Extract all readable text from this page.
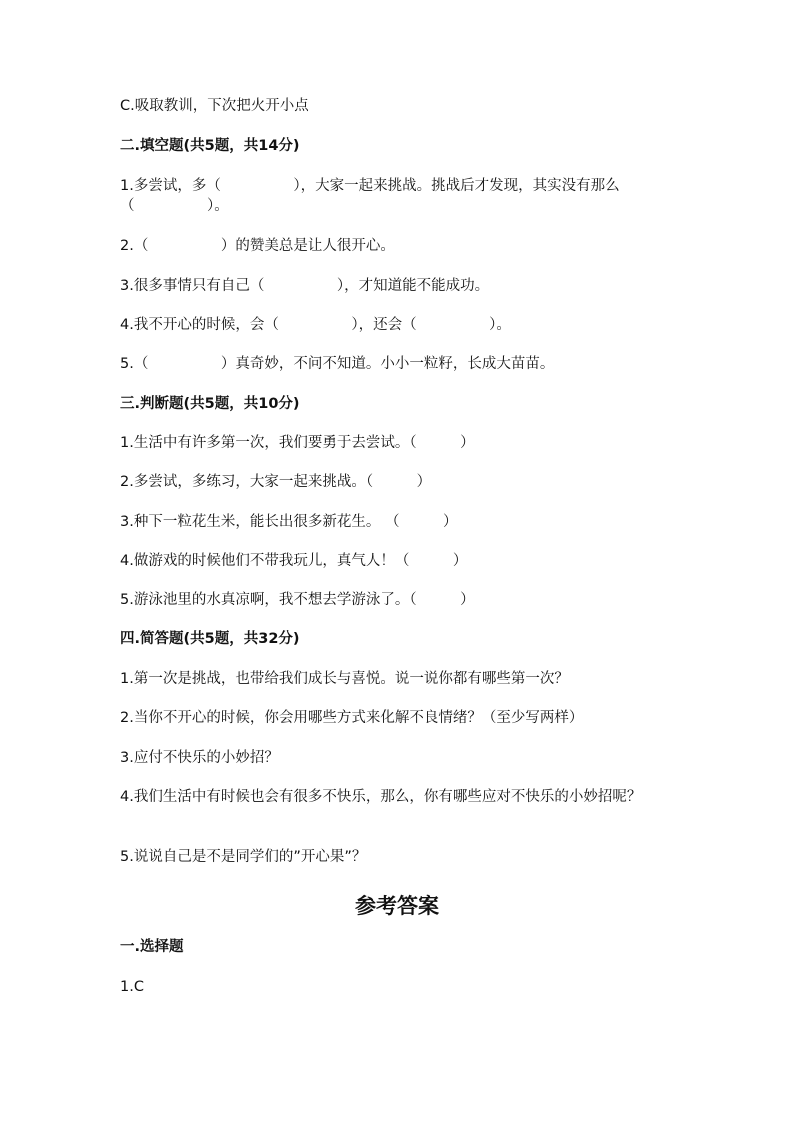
C.吸取教训，下次把火开小点

二.填空题(共5题，共14分)

1.多尝试，多（　　　　　），大家一起来挑战。挑战后才发现，其实没有那么（　　　　　）。

2.（　　　　　）的赞美总是让人很开心。

3.很多事情只有自己（　　　　　），才知道能不能成功。

4.我不开心的时候，会（　　　　　），还会（　　　　　）。

5.（　　　　　）真奇妙，不问不知道。小小一粒籽，长成大苗苗。

三.判断题(共5题，共10分)

1.生活中有许多第一次，我们要勇于去尝试。（　　　）

2.多尝试，多练习，大家一起来挑战。（　　　）

3.种下一粒花生米，能长出很多新花生。 （　　　）

4.做游戏的时候他们不带我玩儿，真气人！（　　　）

5.游泳池里的水真凉啊，我不想去学游泳了。（　　　）

四.简答题(共5题，共32分)

1.第一次是挑战，也带给我们成长与喜悦。说一说你都有哪些第一次？

2.当你不开心的时候，你会用哪些方式来化解不良情绪？（至少写两样）

3.应付不快乐的小妙招？

4.我们生活中有时候也会有很多不快乐，那么，你有哪些应对不快乐的小妙招呢？

5.说说自己是不是同学们的”开心果”？

参考答案

一.选择题

1.C
